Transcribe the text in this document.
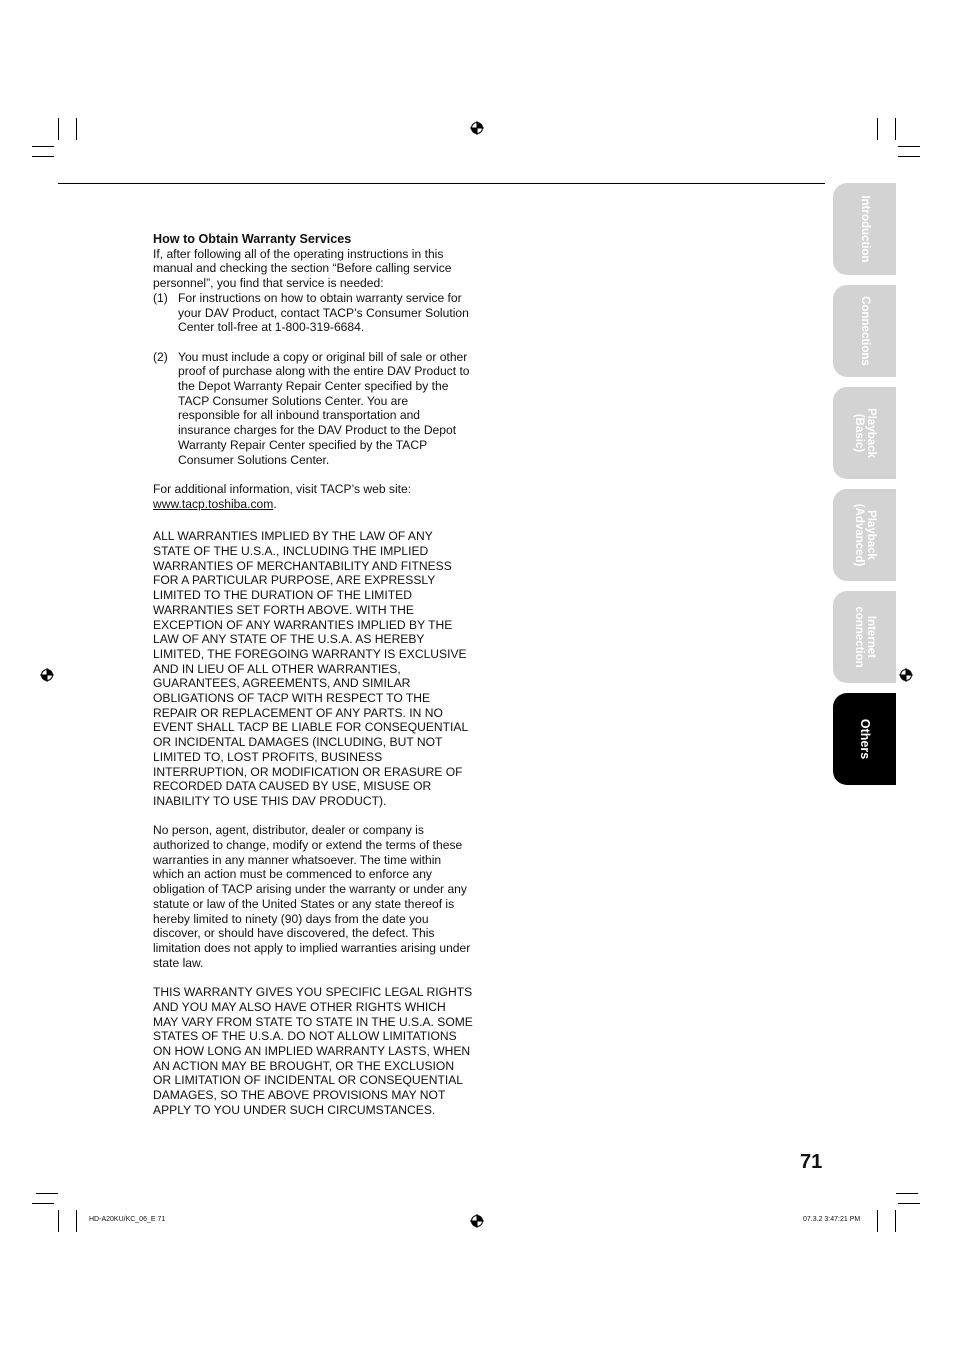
How to Obtain Warranty Services

If, after following all of the operating instructions in this manual and checking the section “Before calling service personnel”, you find that service is needed:

(1) For instructions on how to obtain warranty service for your DAV Product, contact TACP’s Consumer Solution Center toll-free at 1-800-319-6684.
(2) You must include a copy or original bill of sale or other proof of purchase along with the entire DAV Product to the Depot Warranty Repair Center specified by the TACP Consumer Solutions Center. You are responsible for all inbound transportation and insurance charges for the DAV Product to the Depot Warranty Repair Center specified by the TACP Consumer Solutions Center.

For additional information, visit TACP’s web site:
www.tacp.toshiba.com.

ALL WARRANTIES IMPLIED BY THE LAW OF ANY STATE OF THE U.S.A., INCLUDING THE IMPLIED WARRANTIES OF MERCHANTABILITY AND FITNESS FOR A PARTICULAR PURPOSE, ARE EXPRESSLY LIMITED TO THE DURATION OF THE LIMITED WARRANTIES SET FORTH ABOVE. WITH THE EXCEPTION OF ANY WARRANTIES IMPLIED BY THE LAW OF ANY STATE OF THE U.S.A. AS HEREBY LIMITED, THE FOREGOING WARRANTY IS EXCLUSIVE AND IN LIEU OF ALL OTHER WARRANTIES, GUARANTEES, AGREEMENTS, AND SIMILAR OBLIGATIONS OF TACP WITH RESPECT TO THE REPAIR OR REPLACEMENT OF ANY PARTS. IN NO EVENT SHALL TACP BE LIABLE FOR CONSEQUENTIAL OR INCIDENTAL DAMAGES (INCLUDING, BUT NOT LIMITED TO, LOST PROFITS, BUSINESS INTERRUPTION, OR MODIFICATION OR ERASURE OF RECORDED DATA CAUSED BY USE, MISUSE OR INABILITY TO USE THIS DAV PRODUCT).

No person, agent, distributor, dealer or company is authorized to change, modify or extend the terms of these warranties in any manner whatsoever. The time within which an action must be commenced to enforce any obligation of TACP arising under the warranty or under any statute or law of the United States or any state thereof is hereby limited to ninety (90) days from the date you discover, or should have discovered, the defect. This limitation does not apply to implied warranties arising under state law.

THIS WARRANTY GIVES YOU SPECIFIC LEGAL RIGHTS AND YOU MAY ALSO HAVE OTHER RIGHTS WHICH MAY VARY FROM STATE TO STATE IN THE U.S.A. SOME STATES OF THE U.S.A. DO NOT ALLOW LIMITATIONS ON HOW LONG AN IMPLIED WARRANTY LASTS, WHEN AN ACTION MAY BE BROUGHT, OR THE EXCLUSION OR LIMITATION OF INCIDENTAL OR CONSEQUENTIAL DAMAGES, SO THE ABOVE PROVISIONS MAY NOT APPLY TO YOU UNDER SUCH CIRCUMSTANCES.

Introduction
Connections
Playback
(Basic)
Playback
(Advanced)
Internet
connection
Others
71
HD-A20KU/KC_06_E 71	07.3.2 3:47:21 PM
